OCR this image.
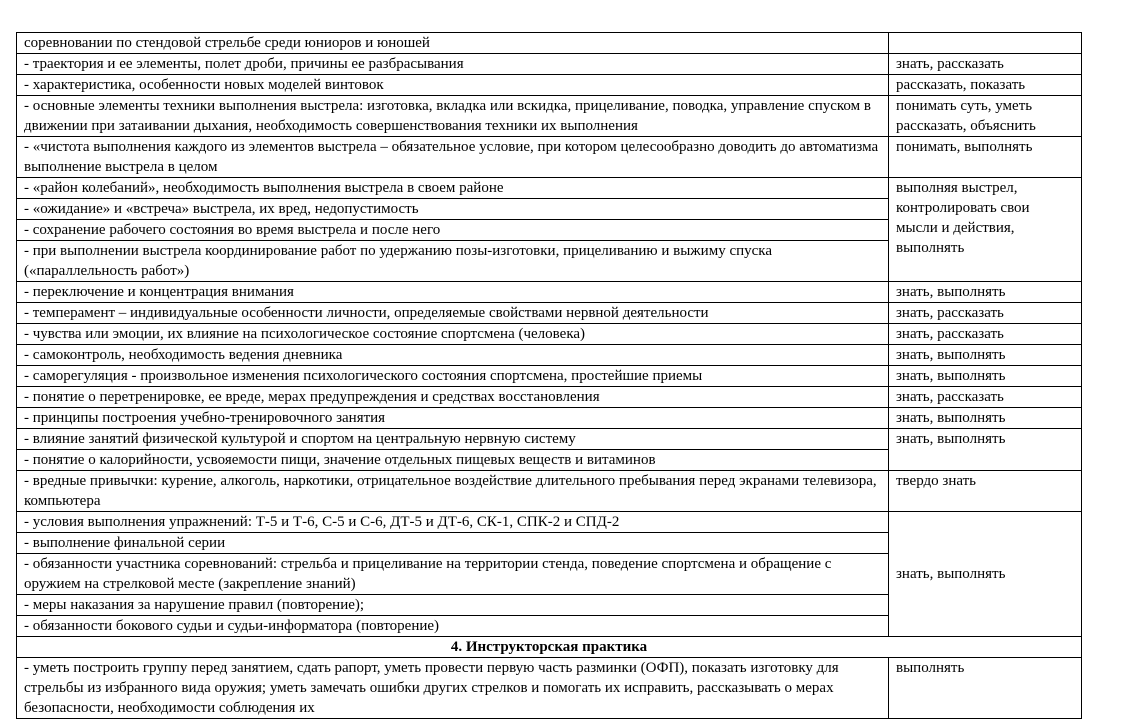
соревновании по стендовой стрельбе среди юниоров и юношей	
- траектория и ее элементы, полет дроби, причины ее разбрасывания	знать, рассказать
- характеристика, особенности новых моделей винтовок	рассказать, показать
- основные элементы техники выполнения выстрела: изготовка, вкладка или вскидка, прицеливание, поводка, управление спуском в движении при затаивании дыхания, необходимость совершенствования техники их выполнения	понимать суть, уметь рассказать, объяснить
- «чистота выполнения каждого из элементов выстрела – обязательное условие, при котором целесообразно доводить до автоматизма выполнение выстрела в целом	понимать, выполнять
- «район колебаний», необходимость выполнения выстрела в своем районе	выполняя выстрел, контролировать свои мысли и действия, выполнять
- «ожидание» и «встреча» выстрела, их вред, недопустимость	
- сохранение рабочего состояния во время выстрела и после него	
- при выполнении выстрела координирование работ по удержанию позы-изготовки, прицеливанию и выжиму спуска («параллельность работ»)	
- переключение и концентрация внимания	знать, выполнять
- темперамент – индивидуальные особенности личности, определяемые свойствами нервной деятельности	знать, рассказать
- чувства или эмоции, их влияние на психологическое состояние спортсмена (человека)	знать, рассказать
- самоконтроль, необходимость ведения дневника	знать, выполнять
- саморегуляция - произвольное изменения психологического состояния спортсмена, простейшие приемы	знать, выполнять
- понятие о перетренировке, ее вреде, мерах предупреждения и средствах восстановления	знать, рассказать
- принципы построения учебно-тренировочного занятия	знать, выполнять
- влияние занятий физической культурой и спортом на центральную нервную систему	знать, выполнять
- понятие о калорийности, усвояемости пищи, значение отдельных пищевых веществ и витаминов	
- вредные привычки: курение, алкоголь, наркотики, отрицательное воздействие длительного пребывания перед экранами телевизора, компьютера	твердо знать
- условия выполнения упражнений: Т-5 и Т-6, С-5 и С-6, ДТ-5 и ДТ-6, СК-1, СПК-2 и СПД-2	знать, выполнять
- выполнение финальной серии	
- обязанности участника соревнований: стрельба и прицеливание на территории стенда, поведение спортсмена и обращение с оружием на стрелковой месте (закрепление знаний)	
- меры наказания за нарушение правил (повторение);	
- обязанности бокового судьи и судьи-информатора (повторение)	
4. Инструкторская практика	
- уметь построить группу перед занятием, сдать рапорт, уметь провести первую часть разминки (ОФП), показать изготовку для стрельбы из избранного вида оружия; уметь замечать ошибки других стрелков и помогать их исправить, рассказывать о мерах безопасности, необходимости соблюдения их	выполнять
